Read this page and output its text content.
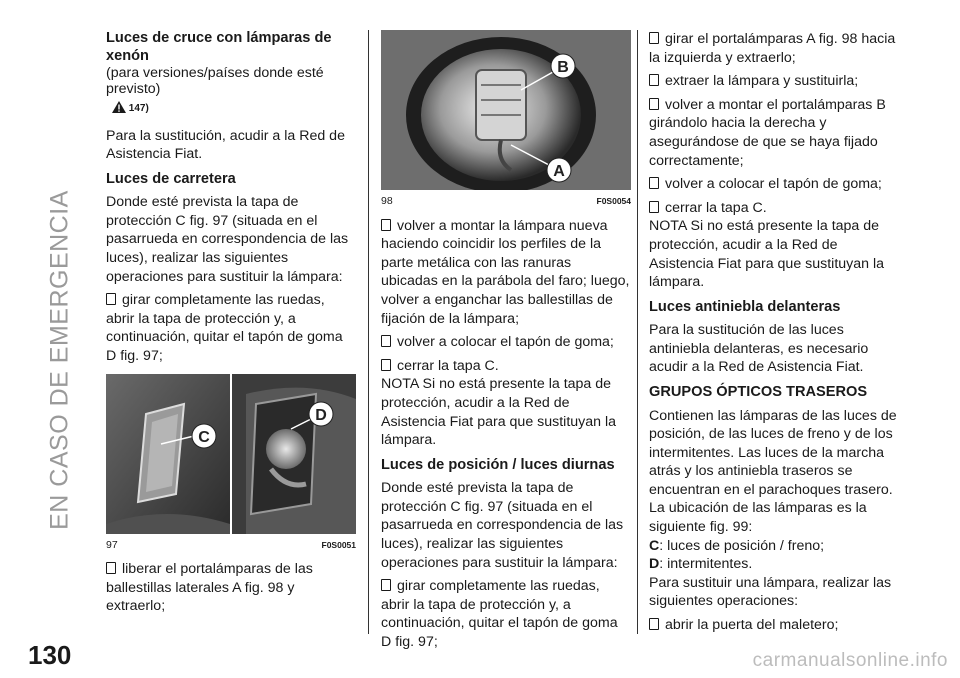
EN CASO DE EMERGENCIA
130	carmanualsonline.info

Luces de cruce con lámparas de xenón

(para versiones/países donde esté previsto)

147)

Para la sustitución, acudir a la Red de Asistencia Fiat.

Luces de carretera

Donde esté prevista la tapa de protección C fig. 97 (situada en el pasarrueda en correspondencia de las luces), realizar las siguientes operaciones para sustituir la lámpara:

girar completamente las ruedas, abrir la tapa de protección y, a continuación, quitar el tapón de goma D fig. 97;

C
D
97	F0S0051

liberar el portalámparas de las ballestillas laterales A fig. 98 y extraerlo;

B
A
98	F0S0054

volver a montar la lámpara nueva haciendo coincidir los perfiles de la parte metálica con las ranuras ubicadas en la parábola del faro; luego, volver a enganchar las ballestillas de fijación de la lámpara;

volver a colocar el tapón de goma;

cerrar la tapa C.

NOTA Si no está presente la tapa de protección, acudir a la Red de Asistencia Fiat para que sustituyan la lámpara.

Luces de posición / luces diurnas

Donde esté prevista la tapa de protección C fig. 97 (situada en el pasarrueda en correspondencia de las luces), realizar las siguientes operaciones para sustituir la lámpara:

girar completamente las ruedas, abrir la tapa de protección y, a continuación, quitar el tapón de goma D fig. 97;

girar el portalámparas A fig. 98 hacia la izquierda y extraerlo;

extraer la lámpara y sustituirla;

volver a montar el portalámparas B girándolo hacia la derecha y asegurándose de que se haya fijado correctamente;

volver a colocar el tapón de goma;

cerrar la tapa C.

NOTA Si no está presente la tapa de protección, acudir a la Red de Asistencia Fiat para que sustituyan la lámpara.

Luces antiniebla delanteras

Para la sustitución de las luces antiniebla delanteras, es necesario acudir a la Red de Asistencia Fiat.

GRUPOS ÓPTICOS TRASEROS

Contienen las lámparas de las luces de posición, de las luces de freno y de los intermitentes. Las luces de la marcha atrás y los antiniebla traseros se encuentran en el parachoques trasero.

La ubicación de las lámparas es la siguiente fig. 99:

C: luces de posición / freno;

D: intermitentes.

Para sustituir una lámpara, realizar las siguientes operaciones:

abrir la puerta del maletero;
